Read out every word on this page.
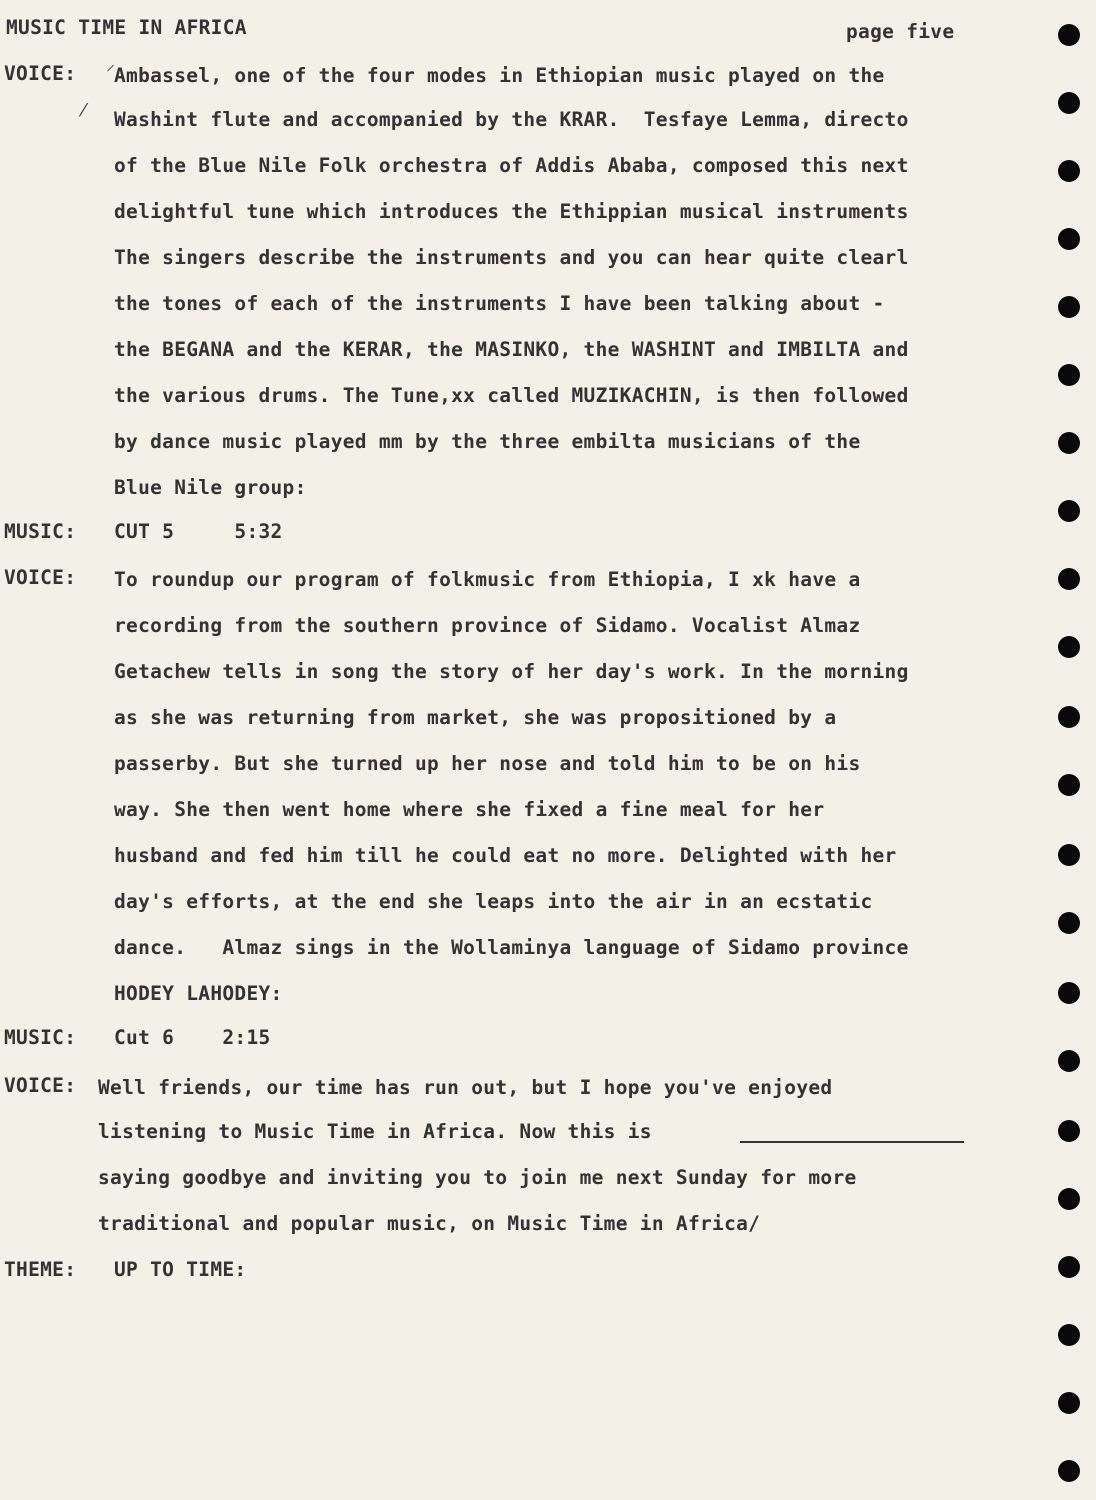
MUSIC TIME IN AFRICA	page five
VOICE: ⸝
⁄
Ambassel, one of the four modes in Ethiopian music played on the
Washint flute and accompanied by the KRAR.  Tesfaye Lemma, directo
of the Blue Nile Folk orchestra of Addis Ababa, composed this next
delightful tune which introduces the Ethippian musical instruments
The singers describe the instruments and you can hear quite clearl
the tones of each of the instruments I have been talking about -
the BEGANA and the KERAR, the MASINKO, the WASHINT and IMBILTA and
the various drums. The Tune,xx called MUZIKACHIN, is then followed
by dance music played mm by the three embilta musicians of the
Blue Nile group:
MUSIC: CUT 5     5:32
VOICE: To roundup our program of folkmusic from Ethiopia, I xk have a
recording from the southern province of Sidamo. Vocalist Almaz
Getachew tells in song the story of her day's work. In the morning
as she was returning from market, she was propositioned by a
passerby. But she turned up her nose and told him to be on his
way. She then went home where she fixed a fine meal for her
husband and fed him till he could eat no more. Delighted with her
day's efforts, at the end she leaps into the air in an ecstatic
dance.   Almaz sings in the Wollaminya language of Sidamo province
HODEY LAHODEY:
MUSIC: Cut 6    2:15
VOICE: Well friends, our time has run out, but I hope you've enjoyed
listening to Music Time in Africa. Now this is
saying goodbye and inviting you to join me next Sunday for more
traditional and popular music, on Music Time in Africa/
THEME: UP TO TIME:
